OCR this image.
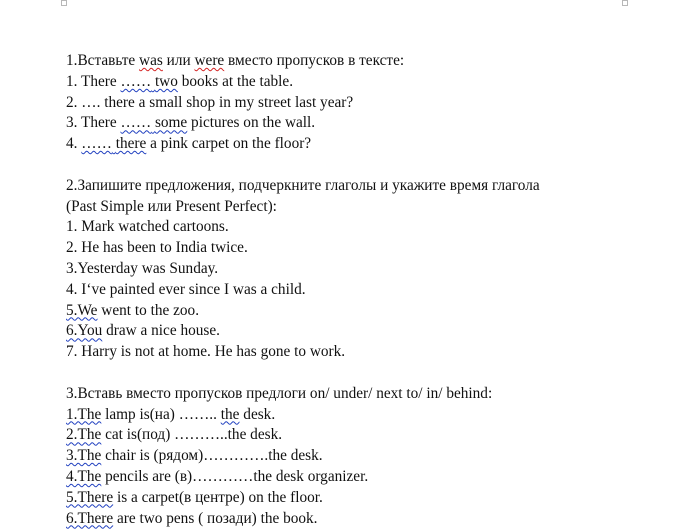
1.Вставьте was или were вместо пропусков в тексте:
1. There …… two books at the table.
2. …. there a small shop in my street last year?
3. There …… some pictures on the wall.
4. …… there a pink carpet on the floor?
2.Запишите предложения, подчеркните глаголы и укажите время глагола
(Past Simple или Present Perfect):
1. Mark watched cartoons.
2. He has been to India twice.
3.Yesterday was Sunday.
4. I‘ve painted ever since I was a child.
5.We went to the zoo.
6.You draw a nice house.
7. Harry is not at home. He has gone to work.
3.Вставь вместо пропусков предлоги on/ under/ next to/ in/ behind:
1.The lamp is(на) …….. the desk.
2.The cat is(под) ………..the desk.
3.The chair is (рядом)………….the desk.
4.The pencils are (в)…………the desk organizer.
5.There is a carpet(в центре) on the floor.
6.There are two pens ( позади) the book.
